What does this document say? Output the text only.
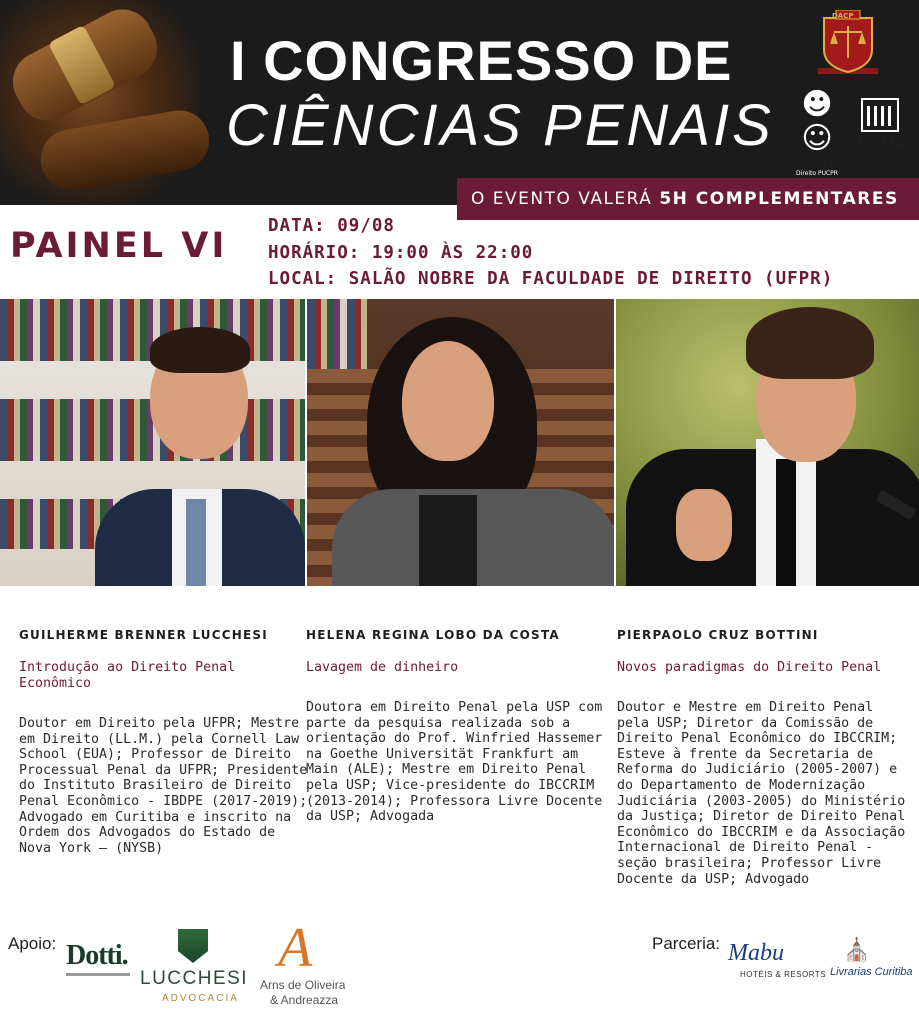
I CONGRESSO DE
CIÊNCIAS PENAIS
DACP
☻☺
CASP
Direito PUCPR
CAHS
O EVENTO VALERÁ 5H COMPLEMENTARES
PAINEL VI DATA: 09/08
HORÁRIO: 19:00 ÀS 22:00
LOCAL: SALÃO NOBRE DA FACULDADE DE DIREITO (UFPR)
GUILHERME BRENNER LUCCHESI
Introdução ao Direito Penal Econômico
Doutor em Direito pela UFPR; Mestre em Direito (LL.M.) pela Cornell Law School (EUA); Professor de Direito Processual Penal da UFPR; Presidente do Instituto Brasileiro de Direito Penal Econômico - IBDPE (2017-2019); Advogado em Curitiba e inscrito na Ordem dos Advogados do Estado de Nova York – (NYSB)
HELENA REGINA LOBO DA COSTA
Lavagem de dinheiro
Doutora em Direito Penal pela USP com parte da pesquisa realizada sob a orientação do Prof. Winfried Hassemer na Goethe Universität Frankfurt am Main (ALE); Mestre em Direito Penal pela USP; Vice-presidente do IBCCRIM (2013-2014); Professora Livre Docente da USP; Advogada
PIERPAOLO CRUZ BOTTINI
Novos paradigmas do Direito Penal
Doutor e Mestre em Direito Penal pela USP; Diretor da Comissão de Direito Penal Econômico do IBCCRIM; Esteve à frente da Secretaria de Reforma do Judiciário (2005-2007) e do Departamento de Modernização Judiciária (2003-2005) do Ministério da Justiça; Diretor de Direito Penal Econômico do IBCCRIM e da Associação Internacional de Direito Penal - seção brasileira; Professor Livre Docente da USP; Advogado
Apoio: Dotti.
LUCCHESI
ADVOCACIA
A
Arns de Oliveira
& Andreazza
Parceria: Mabu
HOTÉIS & RESORTS
⛪
Livrarias Curitiba
